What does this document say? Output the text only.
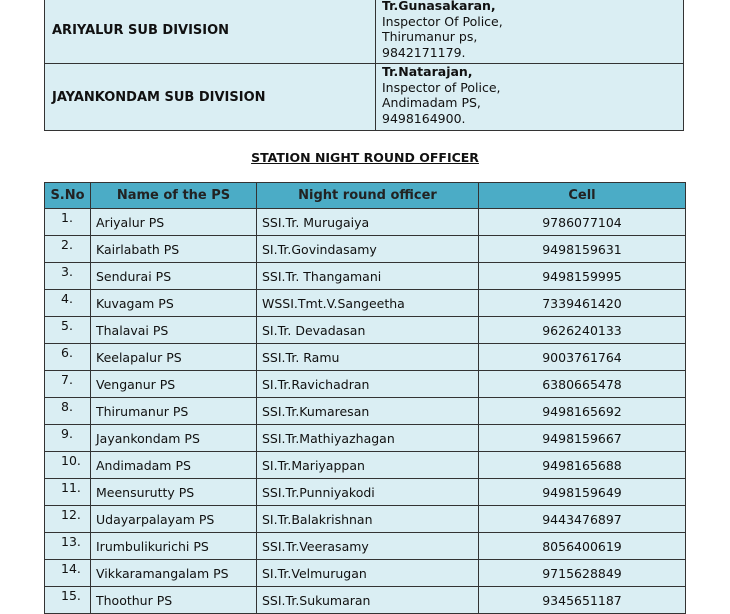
ARIYALUR SUB DIVISION	Tr.Gunasakaran,
Inspector Of Police,
Thirumanur ps,
9842171179.

JAYANKONDAM SUB DIVISION	Tr.Natarajan,
Inspector of Police,
Andimadam PS,
9498164900.
STATION NIGHT ROUND OFFICER
S.No	Name of the PS	Night round officer	Cell
1.	Ariyalur PS	SSI.Tr. Murugaiya	9786077104
2.	Kairlabath PS	SI.Tr.Govindasamy	9498159631
3.	Sendurai PS	SSI.Tr. Thangamani	9498159995
4.	Kuvagam PS	WSSI.Tmt.V.Sangeetha	7339461420
5.	Thalavai PS	SI.Tr. Devadasan	9626240133
6.	Keelapalur PS	SSI.Tr. Ramu	9003761764
7.	Venganur PS	SI.Tr.Ravichadran	6380665478
8.	Thirumanur PS	SSI.Tr.Kumaresan	9498165692
9.	Jayankondam PS	SSI.Tr.Mathiyazhagan	9498159667
10.	Andimadam PS	SI.Tr.Mariyappan	9498165688
11.	Meensurutty PS	SSI.Tr.Punniyakodi	9498159649
12.	Udayarpalayam PS	SI.Tr.Balakrishnan	9443476897
13.	Irumbulikurichi PS	SSI.Tr.Veerasamy	8056400619
14.	Vikkaramangalam PS	SI.Tr.Velmurugan	9715628849
15.	Thoothur PS	SSI.Tr.Sukumaran	9345651187
